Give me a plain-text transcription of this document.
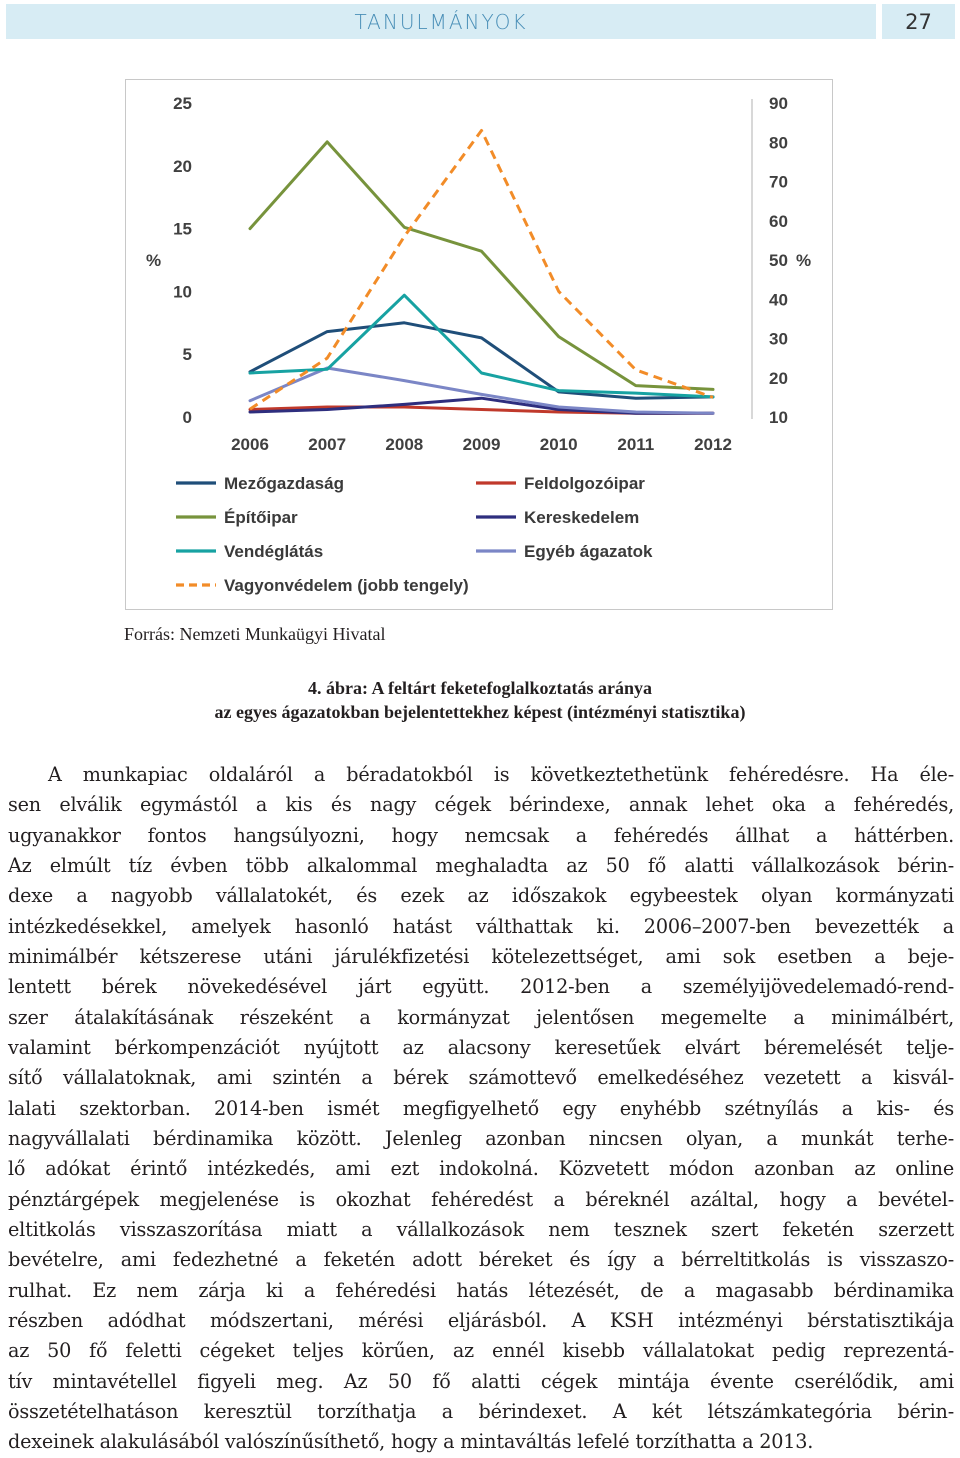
TANULMÁNYOK	27
0
5
10
15
20
25
10
20
30
40
50
60
70
80
90
%	%
2006 2007 2008 2009 2010 2011 2012
Mezőgazdaság	Feldolgozóipar
Építőipar	Kereskedelem
Vendéglátás	Egyéb ágazatok
Vagyonvédelem (jobb tengely)
Forrás: Nemzeti Munkaügyi Hivatal
4. ábra: A feltárt feketefoglalkoztatás aránya
az egyes ágazatokban bejelentettekhez képest (intézményi statisztika)
A munkapiac oldaláról a béradatokból is következtethetünk fehéredésre. Ha éle-
sen elválik egymástól a kis és nagy cégek bérindexe, annak lehet oka a fehéredés,
ugyanakkor fontos hangsúlyozni, hogy nemcsak a fehéredés állhat a háttérben.
Az elmúlt tíz évben több alkalommal meghaladta az 50 fő alatti vállalkozások bérin-
dexe a nagyobb vállalatokét, és ezek az időszakok egybeestek olyan kormányzati
intézkedésekkel, amelyek hasonló hatást válthattak ki. 2006–2007-ben bevezették a
minimálbér kétszerese utáni járulékfizetési kötelezettséget, ami sok esetben a beje-
lentett bérek növekedésével járt együtt. 2012-ben a személyijövedelemadó-rend-
szer átalakításának részeként a kormányzat jelentősen megemelte a minimálbért,
valamint bérkompenzációt nyújtott az alacsony keresetűek elvárt béremelését telje-
sítő vállalatoknak, ami szintén a bérek számottevő emelkedéséhez vezetett a kisvál-
lalati szektorban. 2014-ben ismét megfigyelhető egy enyhébb szétnyílás a kis- és
nagyvállalati bérdinamika között. Jelenleg azonban nincsen olyan, a munkát terhe-
lő adókat érintő intézkedés, ami ezt indokolná. Közvetett módon azonban az online
pénztárgépek megjelenése is okozhat fehéredést a béreknél azáltal, hogy a bevétel-
eltitkolás visszaszorítása miatt a vállalkozások nem tesznek szert feketén szerzett
bevételre, ami fedezhetné a feketén adott béreket és így a bérreltitkolás is visszaszo-
rulhat. Ez nem zárja ki a fehéredési hatás létezését, de a magasabb bérdinamika
részben adódhat módszertani, mérési eljárásból. A KSH intézményi bérstatisztikája
az 50 fő feletti cégeket teljes körűen, az ennél kisebb vállalatokat pedig reprezentá-
tív mintavétellel figyeli meg. Az 50 fő alatti cégek mintája évente cserélődik, ami
összetételhatáson keresztül torzíthatja a bérindexet. A két létszámkategória bérin-
dexeinek alakulásából valószínűsíthető, hogy a mintaváltás lefelé torzíthatta a 2013.
